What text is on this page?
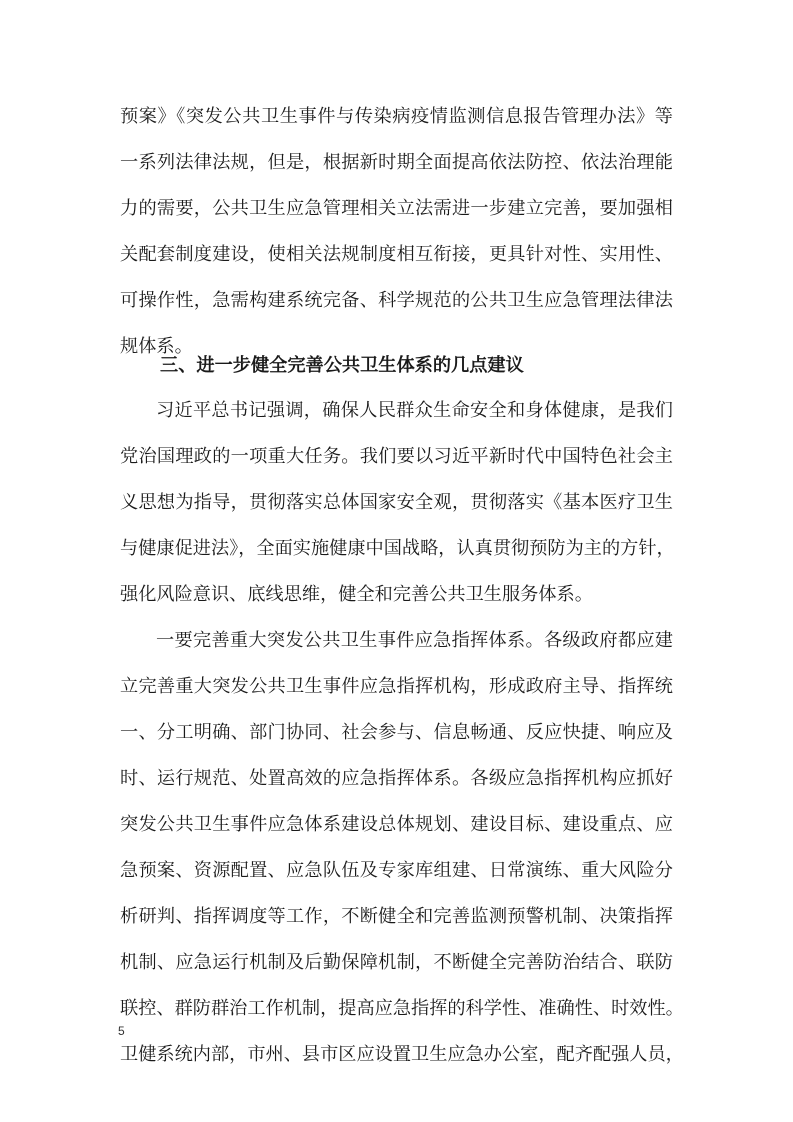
预案》《突发公共卫生事件与传染病疫情监测信息报告管理办法》等
一系列法律法规，但是，根据新时期全面提高依法防控、依法治理能
力的需要，公共卫生应急管理相关立法需进一步建立完善，要加强相
关配套制度建设，使相关法规制度相互衔接，更具针对性、实用性、
可操作性，急需构建系统完备、科学规范的公共卫生应急管理法律法
规体系。
三、进一步健全完善公共卫生体系的几点建议
习近平总书记强调，确保人民群众生命安全和身体健康，是我们
党治国理政的一项重大任务。我们要以习近平新时代中国特色社会主
义思想为指导，贯彻落实总体国家安全观，贯彻落实《基本医疗卫生
与健康促进法》，全面实施健康中国战略，认真贯彻预防为主的方针，
强化风险意识、底线思维，健全和完善公共卫生服务体系。
一要完善重大突发公共卫生事件应急指挥体系。各级政府都应建
立完善重大突发公共卫生事件应急指挥机构，形成政府主导、指挥统
一、分工明确、部门协同、社会参与、信息畅通、反应快捷、响应及
时、运行规范、处置高效的应急指挥体系。各级应急指挥机构应抓好
突发公共卫生事件应急体系建设总体规划、建设目标、建设重点、应
急预案、资源配置、应急队伍及专家库组建、日常演练、重大风险分
析研判、指挥调度等工作，不断健全和完善监测预警机制、决策指挥
机制、应急运行机制及后勤保障机制，不断健全完善防治结合、联防
联控、群防群治工作机制，提高应急指挥的科学性、准确性、时效性。
卫健系统内部，市州、县市区应设置卫生应急办公室，配齐配强人员，
5
